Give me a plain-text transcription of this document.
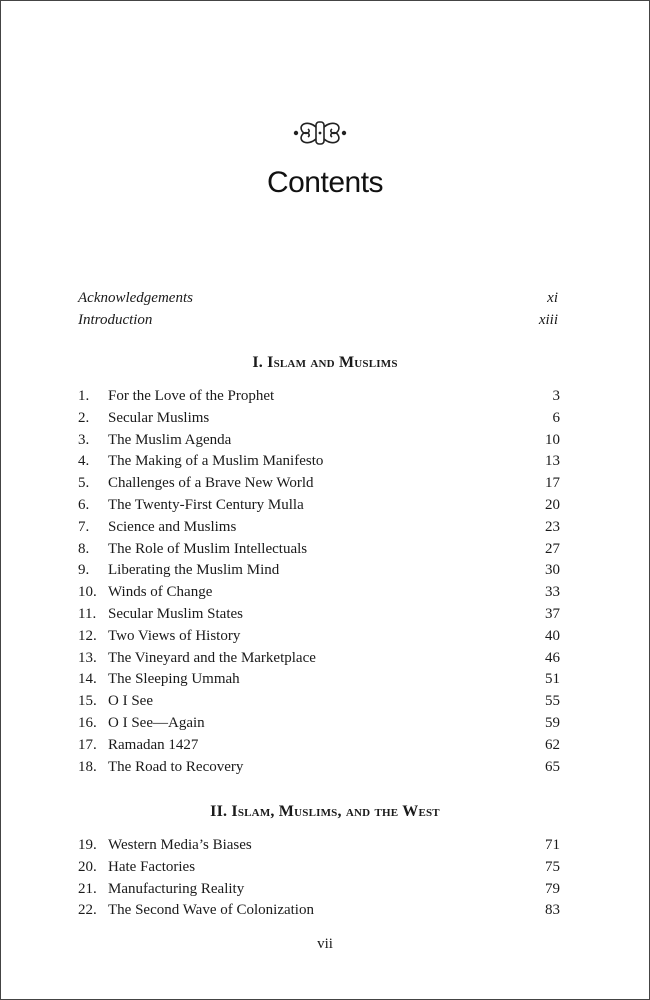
Contents
Acknowledgements	xi
Introduction	xiii
I. Islam and Muslims
1.	For the Love of the Prophet	3
2.	Secular Muslims	6
3.	The Muslim Agenda	10
4.	The Making of a Muslim Manifesto	13
5.	Challenges of a Brave New World	17
6.	The Twenty-First Century Mulla	20
7.	Science and Muslims	23
8.	The Role of Muslim Intellectuals	27
9.	Liberating the Muslim Mind	30
10. Winds of Change	33
11. Secular Muslim States	37
12. Two Views of History	40
13. The Vineyard and the Marketplace	46
14. The Sleeping Ummah	51
15. O I See	55
16. O I See—Again	59
17. Ramadan 1427	62
18. The Road to Recovery	65
II. Islam, Muslims, and the West
19. Western Media’s Biases	71
20. Hate Factories	75
21. Manufacturing Reality	79
22. The Second Wave of Colonization	83
vii
